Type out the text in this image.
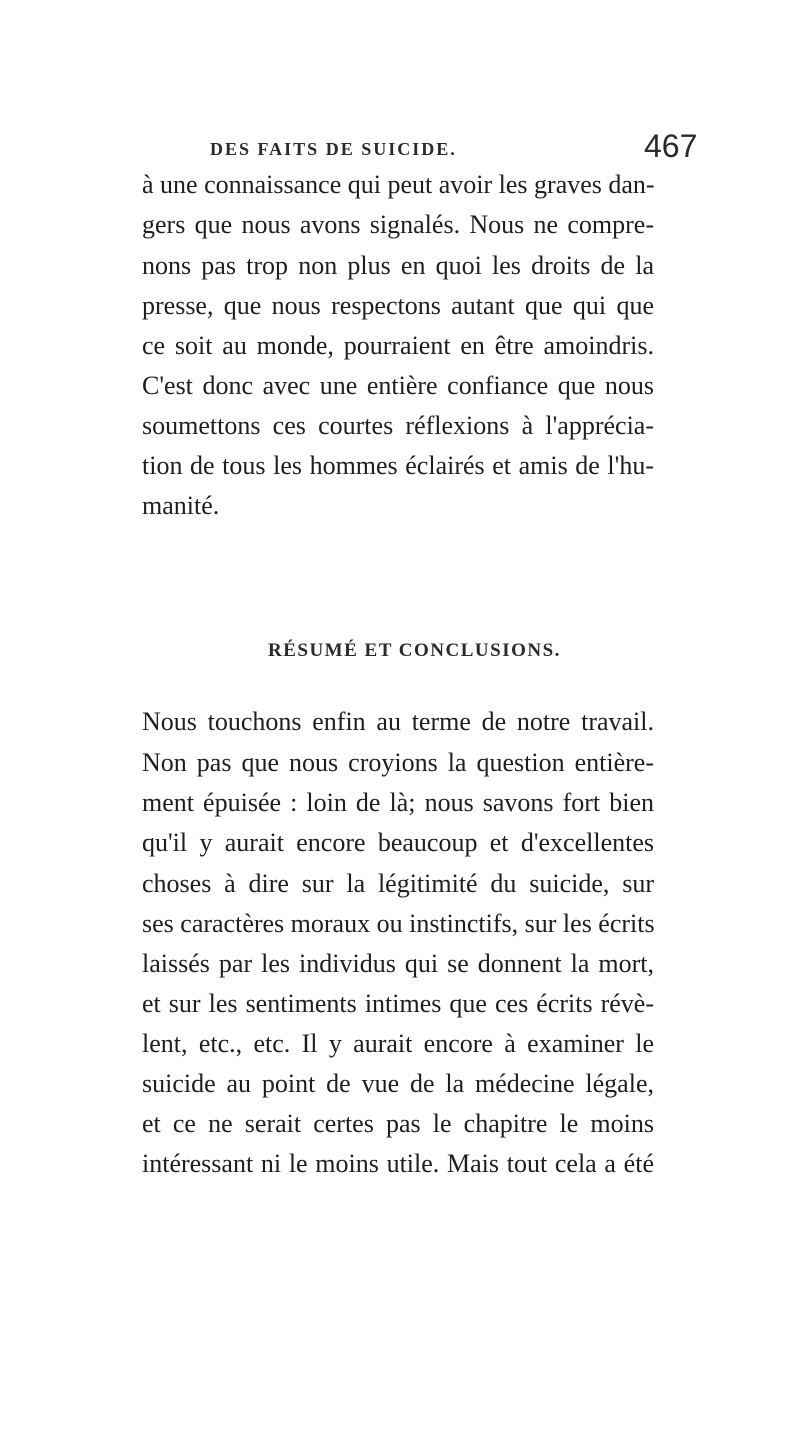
DES FAITS DE SUICIDE.	467
à une connaissance qui peut avoir les graves dan-
gers que nous avons signalés. Nous ne compre-
nons pas trop non plus en quoi les droits de la
presse, que nous respectons autant que qui que
ce soit au monde, pourraient en être amoindris.
C'est donc avec une entière confiance que nous
soumettons ces courtes réflexions à l'apprécia-
tion de tous les hommes éclairés et amis de l'hu-
manité.
RÉSUMÉ ET CONCLUSIONS.
Nous touchons enfin au terme de notre travail.
Non pas que nous croyions la question entière-
ment épuisée : loin de là; nous savons fort bien
qu'il y aurait encore beaucoup et d'excellentes
choses à dire sur la légitimité du suicide, sur
ses caractères moraux ou instinctifs, sur les écrits
laissés par les individus qui se donnent la mort,
et sur les sentiments intimes que ces écrits révè-
lent, etc., etc. Il y aurait encore à examiner le
suicide au point de vue de la médecine légale,
et ce ne serait certes pas le chapitre le moins
intéressant ni le moins utile. Mais tout cela a été
